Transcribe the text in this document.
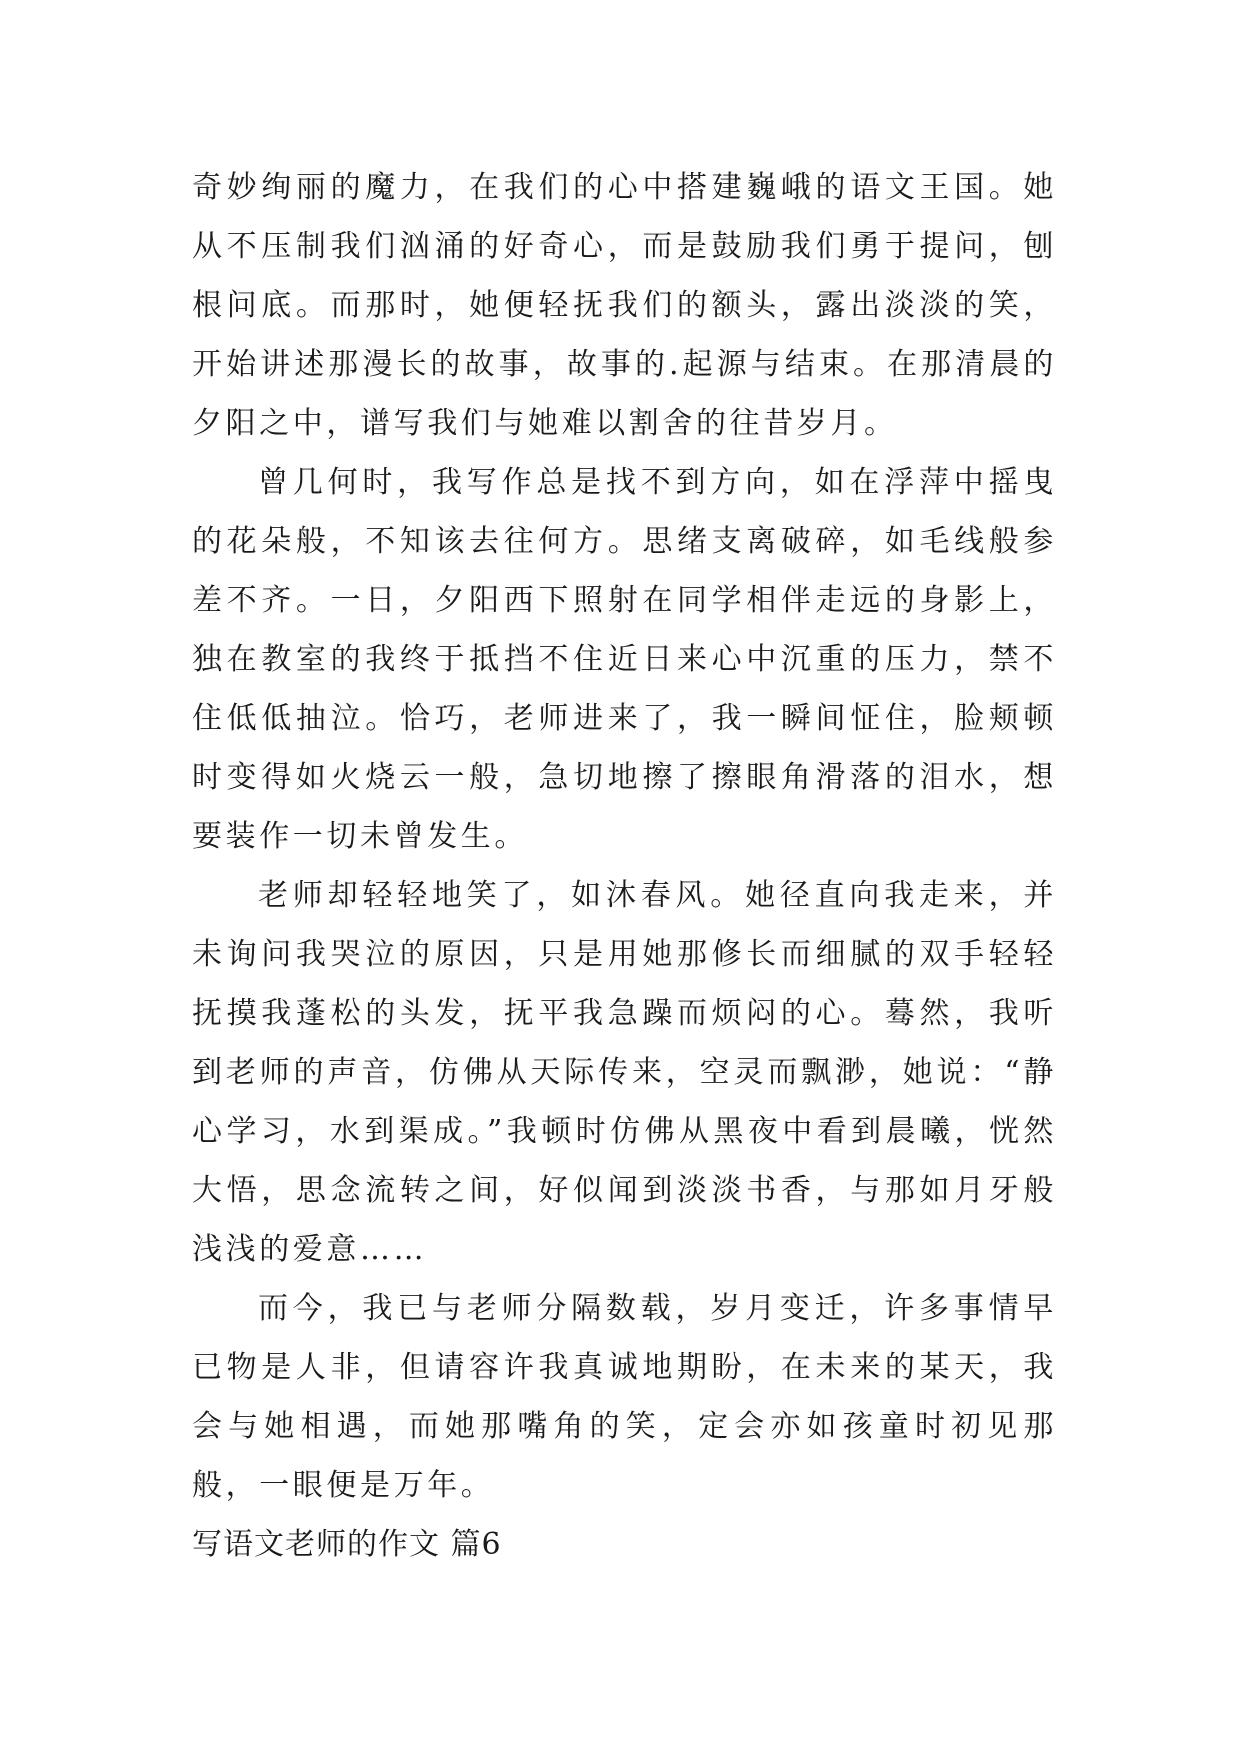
奇妙绚丽的魔力，在我们的心中搭建巍峨的语文王国。她从不压制我们汹涌的好奇心，而是鼓励我们勇于提问，刨根问底。而那时，她便轻抚我们的额头，露出淡淡的笑，开始讲述那漫长的故事，故事的.起源与结束。在那清晨的夕阳之中，谱写我们与她难以割舍的往昔岁月。

曾几何时，我写作总是找不到方向，如在浮萍中摇曳的花朵般，不知该去往何方。思绪支离破碎，如毛线般参差不齐。一日，夕阳西下照射在同学相伴走远的身影上，独在教室的我终于抵挡不住近日来心中沉重的压力，禁不住低低抽泣。恰巧，老师进来了，我一瞬间怔住，脸颊顿时变得如火烧云一般，急切地擦了擦眼角滑落的泪水，想要装作一切未曾发生。

老师却轻轻地笑了，如沐春风。她径直向我走来，并未询问我哭泣的原因，只是用她那修长而细腻的双手轻轻抚摸我蓬松的头发，抚平我急躁而烦闷的心。蓦然，我听到老师的声音，仿佛从天际传来，空灵而飘渺，她说：“静心学习，水到渠成。”我顿时仿佛从黑夜中看到晨曦，恍然大悟，思念流转之间，好似闻到淡淡书香，与那如月牙般浅浅的爱意……

而今，我已与老师分隔数载，岁月变迁，许多事情早已物是人非，但请容许我真诚地期盼，在未来的某天，我会与她相遇，而她那嘴角的笑，定会亦如孩童时初见那般，一眼便是万年。

写语文老师的作文 篇6
